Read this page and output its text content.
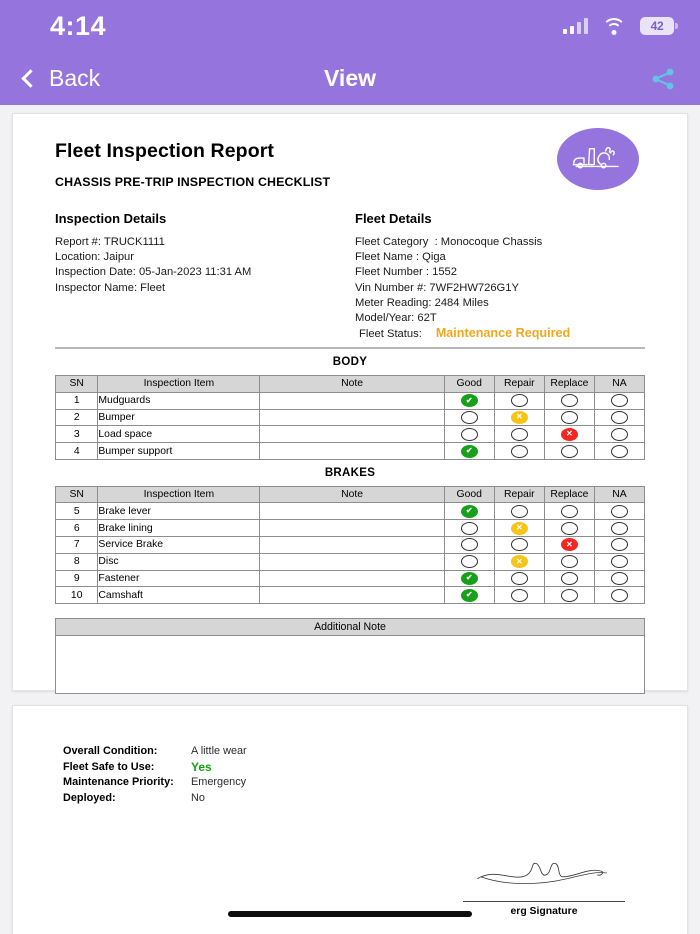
4:14	42
Back	View
Fleet Inspection Report
CHASSIS PRE-TRIP INSPECTION CHECKLIST
Inspection Details
Report #: TRUCK1111
Location: Jaipur
Inspection Date: 05-Jan-2023 11:31 AM
Inspector Name: Fleet
Fleet Details
Fleet Category  : Monocoque Chassis
Fleet Name : Qiga
Fleet Number : 1552
Vin Number #: 7WF2HW726G1Y
Meter Reading: 2484 Miles
Model/Year: 62T
Fleet Status: Maintenance Required
BODY
SN	Inspection Item	Note	Good	Repair	Replace	NA
1	Mudguards		✔			

2	Bumper			✕		

3	Load space				✕	

4	Bumper support		✔			

BRAKES
SN	Inspection Item	Note	Good	Repair	Replace	NA
5	Brake lever		✔			

6	Brake lining			✕		

7	Service Brake				✕	

8	Disc			✕		

9	Fastener		✔			

10	Camshaft		✔			

Additional Note

Overall Condition:	A little wear
Fleet Safe to Use:	Yes
Maintenance Priority:	Emergency
Deployed:	No
erg Signature
